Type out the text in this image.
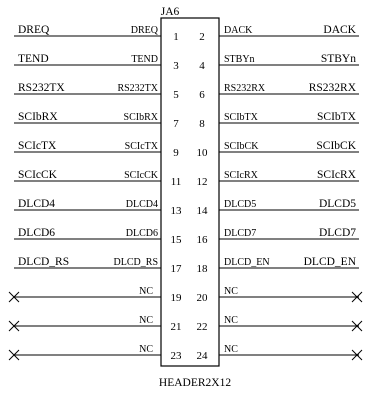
JA6
DREQ	DACK
DREQ	DACK
1 2
TEND	STBYn
TEND	STBYn
3 4
RS232TX	RS232RX
RS232TX	RS232RX
5 6
SCIbRX	SCIbTX
SCIbRX	SCIbTX
7 8
SCIcTX	SCIbCK
SCIcTX	SCIbCK
9 10
SCIcCK	SCIcRX
SCIcCK	SCIcRX
11 12
DLCD4	DLCD5
DLCD4	DLCD5
13 14
DLCD6	DLCD7
DLCD6	DLCD7
15 16
DLCD_RS	DLCD_EN
DLCD_RS	DLCD_EN
17 18
NC	NC
19 20
NC	NC
21 22
NC	NC
23 24
HEADER2X12
